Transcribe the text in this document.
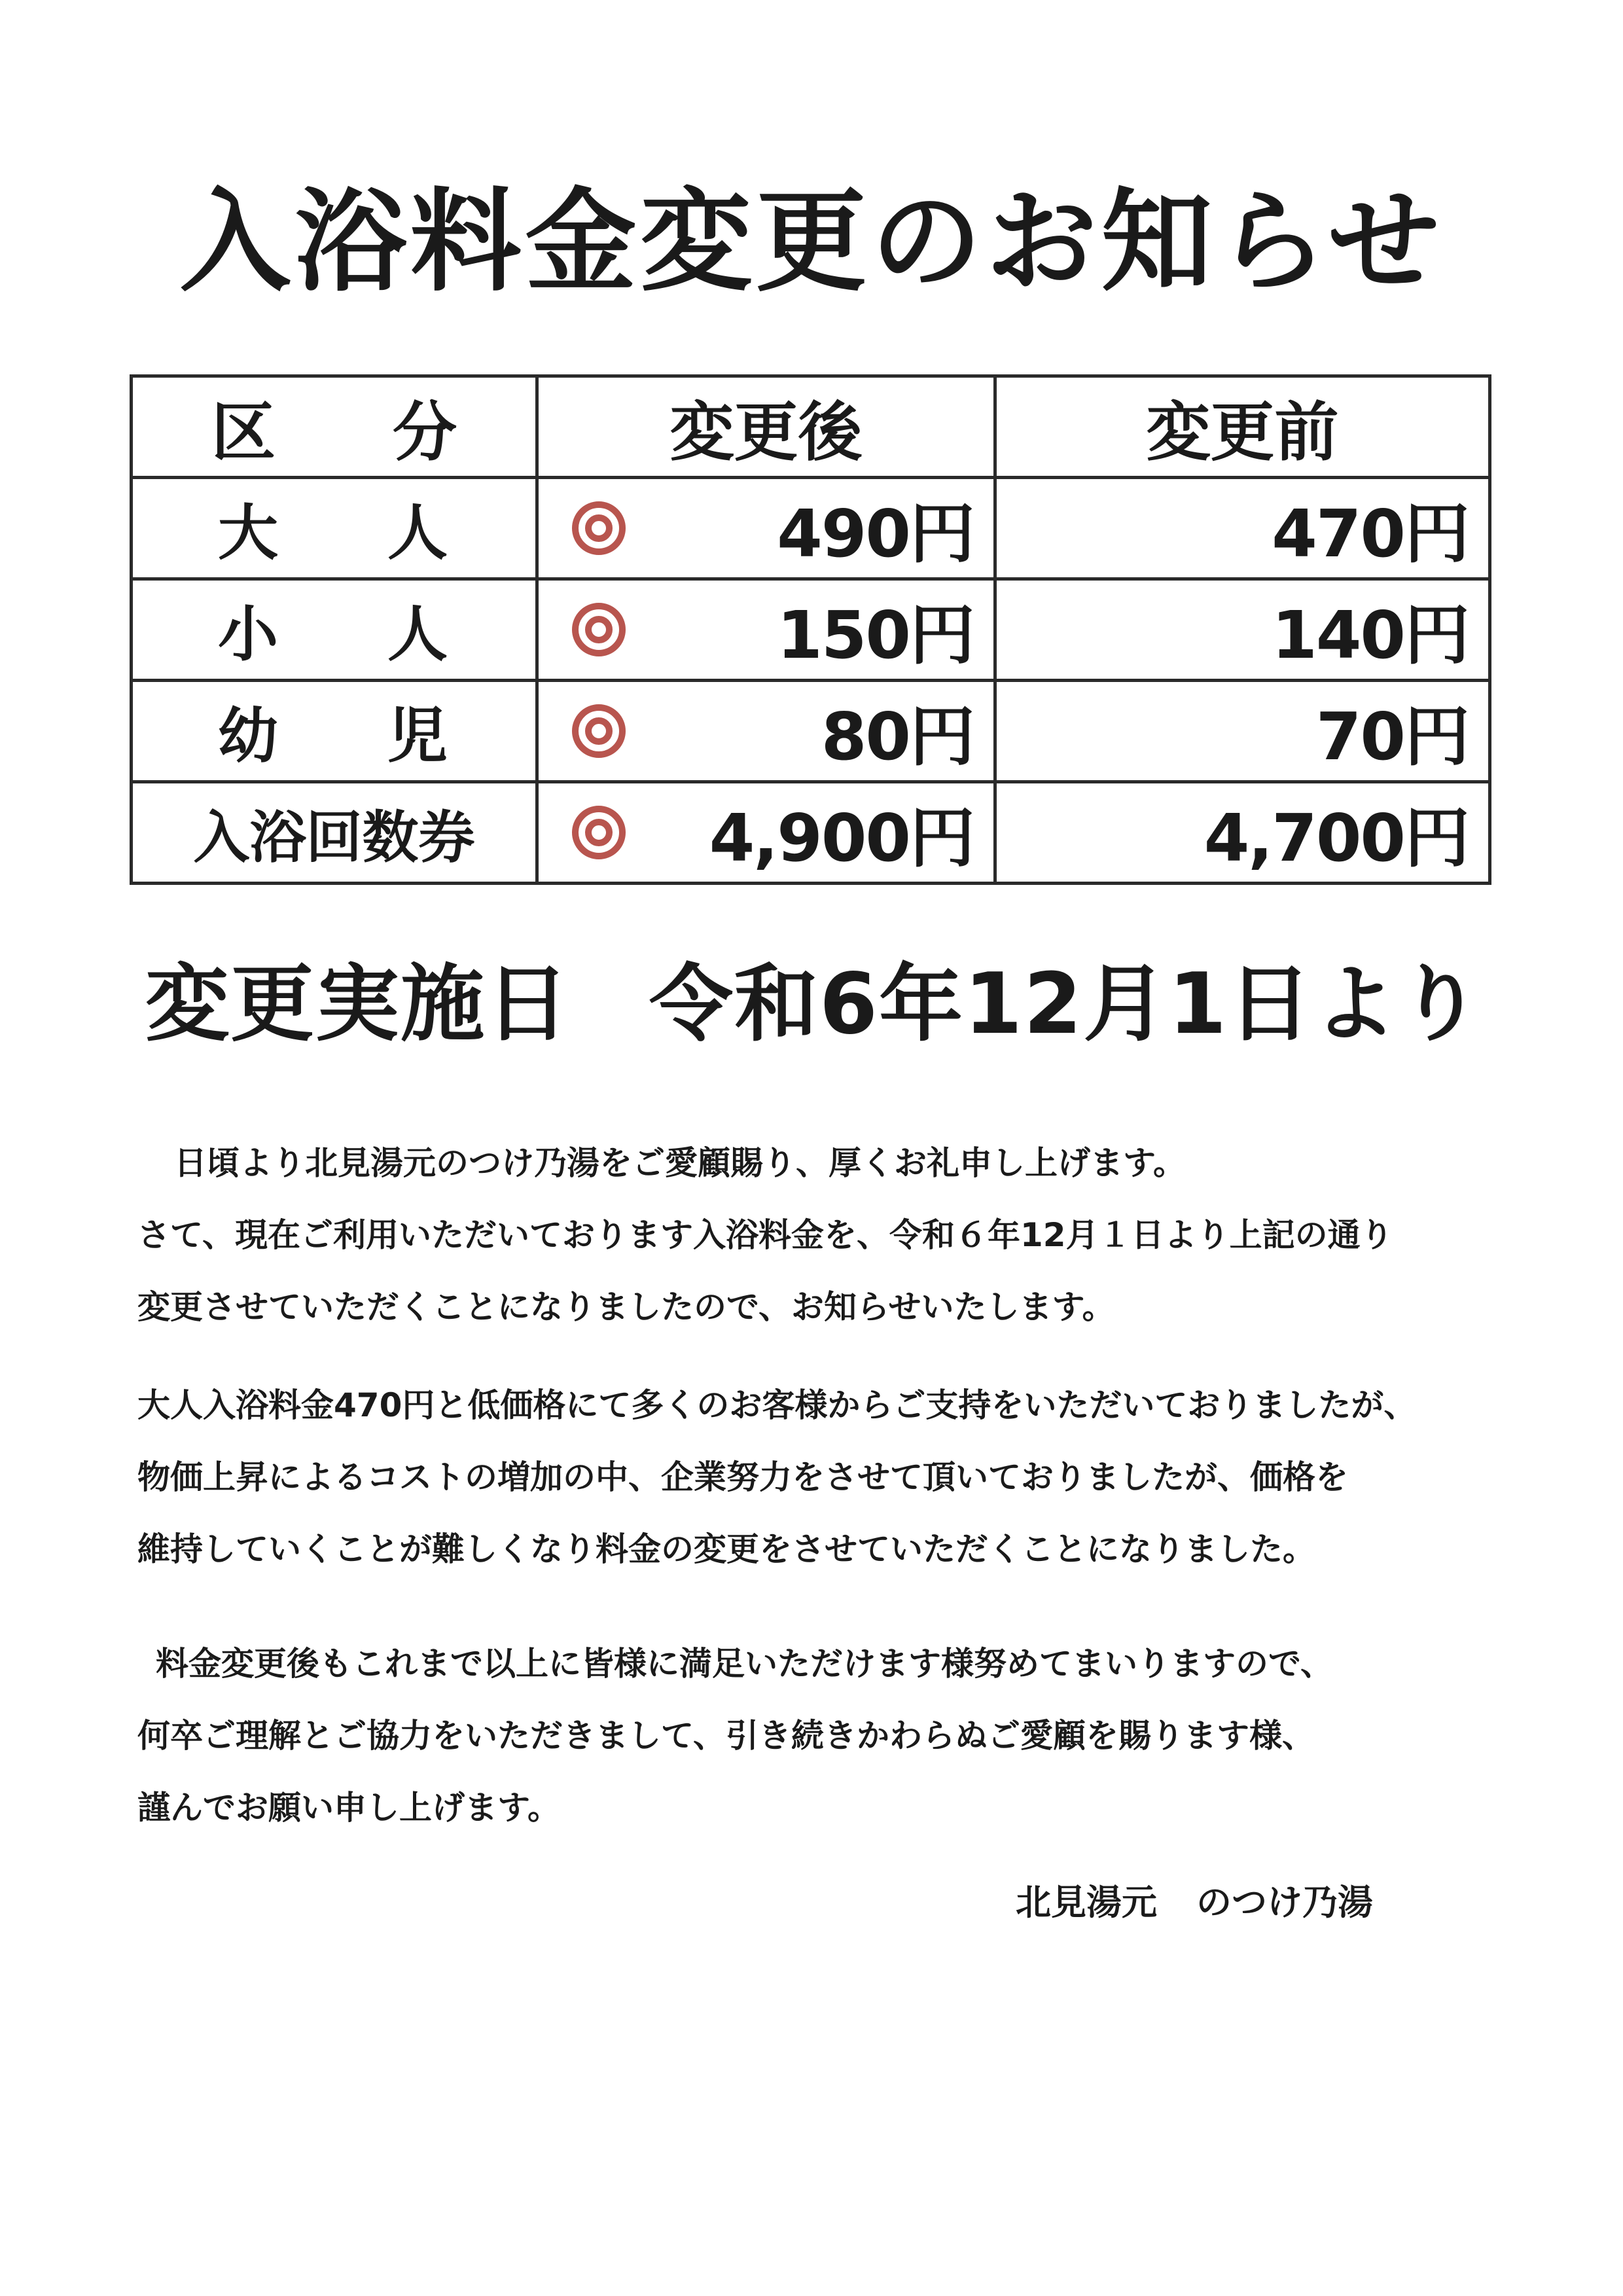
入浴料金変更のお知らせ
区 分	変更後	変更前

大 人	490円	470円

小 人	150円	140円

幼 児	80円	70円

入浴回数券	4,900円	4,700円
変更実施日 令和6年12月1日より

日頃より北見湯元のつけ乃湯をご愛顧賜り、厚くお礼申し上げます。
さて、現在ご利用いただいております入浴料金を、令和６年12月１日より上記の通り
変更させていただくことになりましたので、お知らせいたします。

大人入浴料金470円と低価格にて多くのお客様からご支持をいただいておりましたが、
物価上昇によるコストの増加の中、企業努力をさせて頂いておりましたが、価格を
維持していくことが難しくなり料金の変更をさせていただくことになりました。

料金変更後もこれまで以上に皆様に満足いただけます様努めてまいりますので、
何卒ご理解とご協力をいただきまして、引き続きかわらぬご愛顧を賜ります様、
謹んでお願い申し上げます。

北見湯元 のつけ乃湯
